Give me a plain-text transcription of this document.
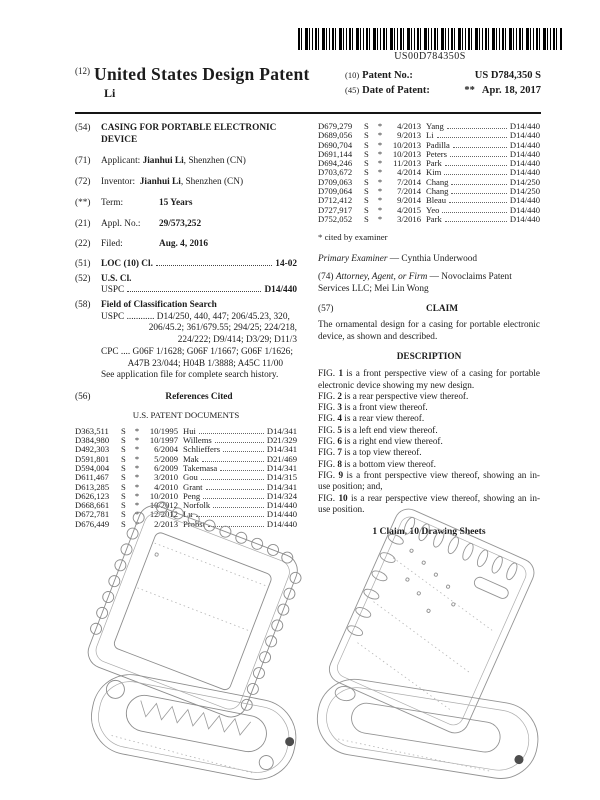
US00D784350S
$^{(12)}$ United States Design Patent
Li
(10) Patent No.:	US D784,350 S
(45) Date of Patent:	** Apr. 18, 2017
(54)	CASING FOR PORTABLE ELECTRONIC DEVICE
(71)	Applicant: Jianhui Li, Shenzhen (CN)
(72)	Inventor: Jianhui Li, Shenzhen (CN)
(**)	Term:	15 Years
(21)	Appl. No.:	29/573,252
(22)	Filed:	Aug. 4, 2016
(51)	LOC (10) Cl.	14-02
(52)	U.S. Cl.
USPC	D14/440
(58)	Field of Classification Search
USPC ............ D14/250, 440, 447; 206/45.23, 320,
206/45.2; 361/679.55; 294/25; 224/218,
224/222; D9/414; D3/29; D11/3
CPC .... G06F 1/1628; G06F 1/1667; G06F 1/1626;
A47B 23/044; H04B 1/3888; A45C 11/00
See application file for complete search history.
(56)	References Cited
U.S. PATENT DOCUMENTS
D363,511	S	*	10/1995 Hui	D14/341
D384,980	S	*	10/1997 Willems	D21/329
D492,303	S	*	6/2004 Schlieffers	D14/341
D591,801	S	*	5/2009 Mak	D21/469
D594,004	S	*	6/2009 Takemasa	D14/341
D611,467	S	*	3/2010 Gou	D14/315
D613,285	S	*	4/2010 Grant	D14/341
D626,123	S	*	10/2010 Peng	D14/324
D668,661	S	*	10/2012 Norfolk	D14/440
D672,781	S	*	12/2012 Lu	D14/440
D676,449	S	*	2/2013 Probst	D14/440
D679,279	S	*	4/2013 Yang	D14/440
D689,056	S	*	9/2013 Li	D14/440
D690,704	S	*	10/2013 Padilla	D14/440
D691,144	S	*	10/2013 Peters	D14/440
D694,246	S	*	11/2013 Park	D14/440
D703,672	S	*	4/2014 Kim	D14/440
D709,063	S	*	7/2014 Chang	D14/250
D709,064	S	*	7/2014 Chang	D14/250
D712,412	S	*	9/2014 Bleau	D14/440
D727,917	S	*	4/2015 Yeo	D14/440
D752,052	S	*	3/2016 Park	D14/440
* cited by examiner
Primary Examiner — Cynthia Underwood
(74) Attorney, Agent, or Firm — Novoclaims Patent Services LLC; Mei Lin Wong
(57)	CLAIM
The ornamental design for a casing for portable electronic device, as shown and described.
DESCRIPTION
FIG. 1 is a front perspective view of a casing for portable electronic device showing my new design.
FIG. 2 is a rear perspective view thereof.
FIG. 3 is a front view thereof.
FIG. 4 is a rear view thereof.
FIG. 5 is a left end view thereof.
FIG. 6 is a right end view thereof.
FIG. 7 is a top view thereof.
FIG. 8 is a bottom view thereof.
FIG. 9 is a front perspective view thereof, showing an in-use position; and,
FIG. 10 is a rear perspective view thereof, showing an in-use position.
1 Claim, 10 Drawing Sheets
